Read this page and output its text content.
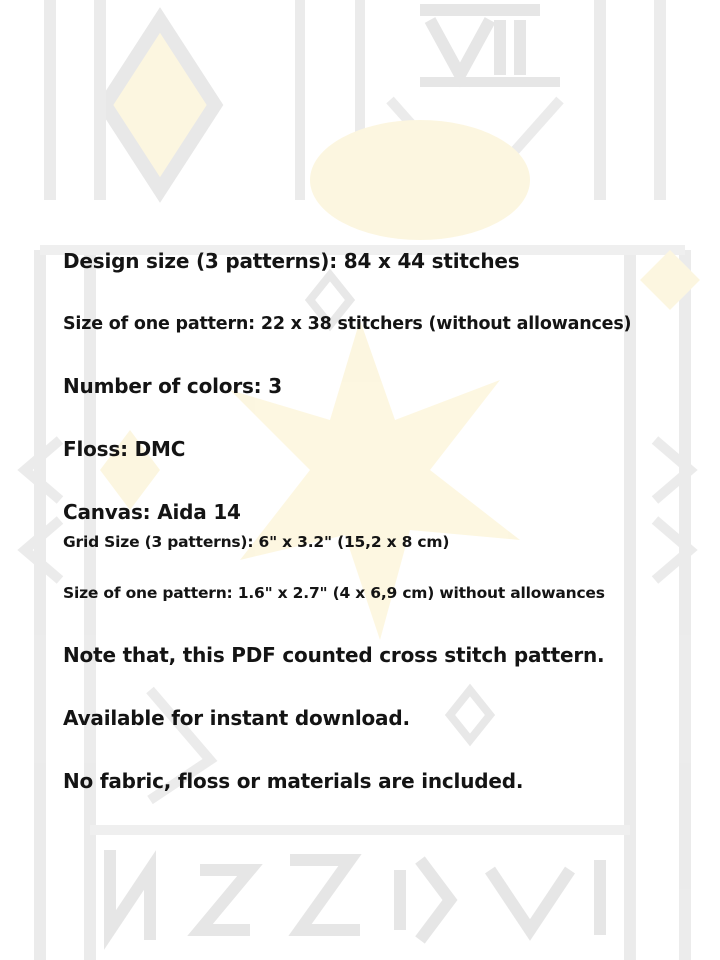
Design size (3 patterns): 84 x 44 stitches

Size of one pattern: 22 x 38 stitchers (without allowances)

Number of colors: 3

Floss: DMC

Canvas: Aida 14

Grid Size (3 patterns): 6" x 3.2" (15,2 x 8 cm)

Size of one pattern: 1.6" x 2.7" (4 x 6,9 cm) without allowances

Note that, this PDF counted cross stitch pattern.

Available for instant download.

No fabric, floss or materials are included.
